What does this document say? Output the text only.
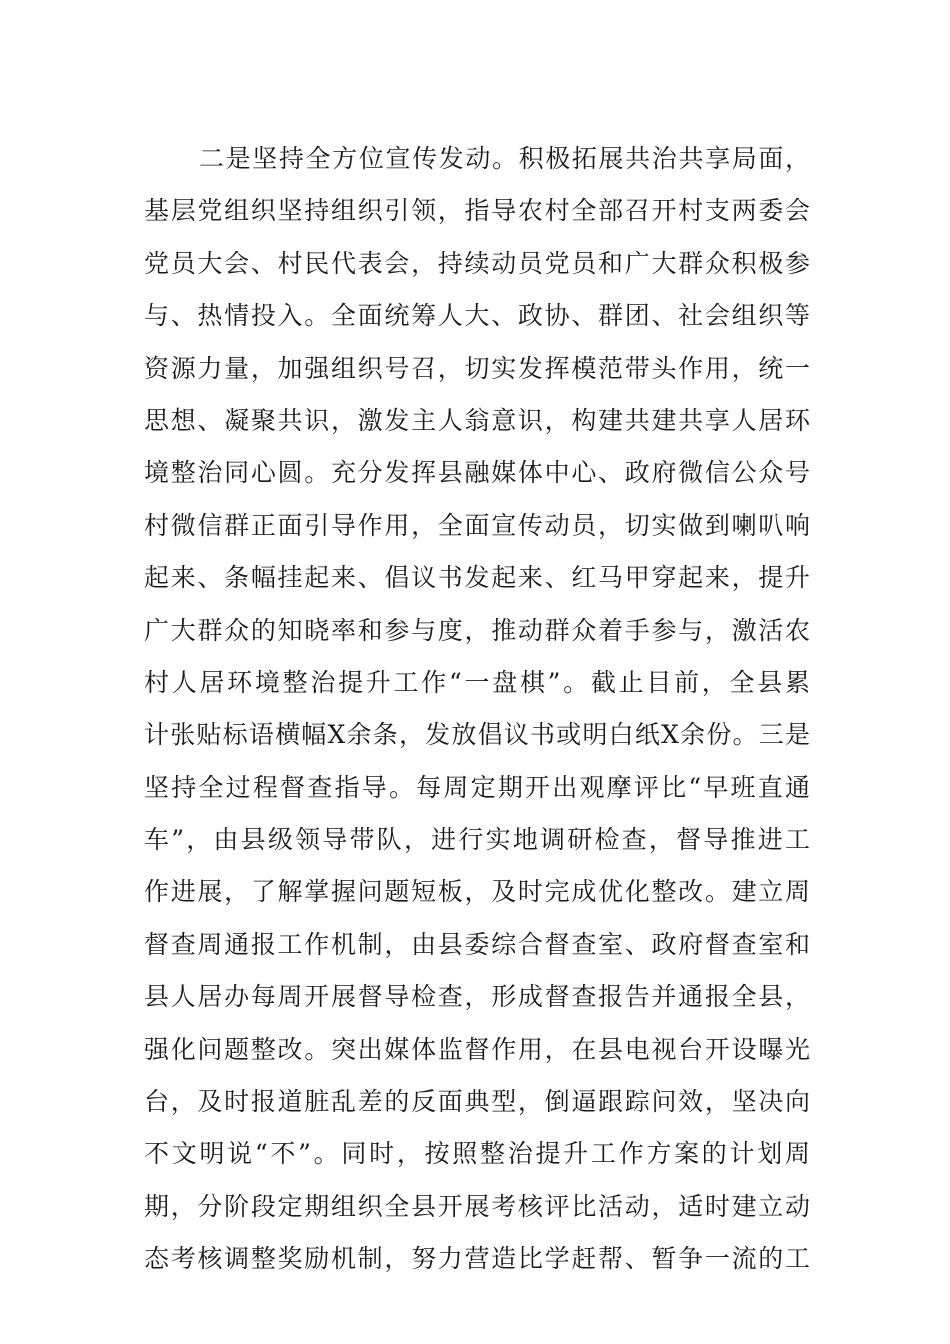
二是坚持全方位宣传发动。积极拓展共治共享局面，
基层党组织坚持组织引领，指导农村全部召开村支两委会
党员大会、村民代表会，持续动员党员和广大群众积极参
与、热情投入。全面统筹人大、政协、群团、社会组织等
资源力量，加强组织号召，切实发挥模范带头作用，统一
思想、凝聚共识，激发主人翁意识，构建共建共享人居环
境整治同心圆。充分发挥县融媒体中心、政府微信公众号
村微信群正面引导作用，全面宣传动员，切实做到喇叭响
起来、条幅挂起来、倡议书发起来、红马甲穿起来，提升
广大群众的知晓率和参与度，推动群众着手参与，激活农
村人居环境整治提升工作“一盘棋”。截止目前，全县累
计张贴标语横幅X余条，发放倡议书或明白纸X余份。三是
坚持全过程督查指导。每周定期开出观摩评比“早班直通
车”，由县级领导带队，进行实地调研检查，督导推进工
作进展，了解掌握问题短板，及时完成优化整改。建立周
督查周通报工作机制，由县委综合督查室、政府督查室和
县人居办每周开展督导检查，形成督查报告并通报全县，
强化问题整改。突出媒体监督作用，在县电视台开设曝光
台，及时报道脏乱差的反面典型，倒逼跟踪问效，坚决向
不文明说“不”。同时，按照整治提升工作方案的计划周
期，分阶段定期组织全县开展考核评比活动，适时建立动
态考核调整奖励机制，努力营造比学赶帮、暂争一流的工
